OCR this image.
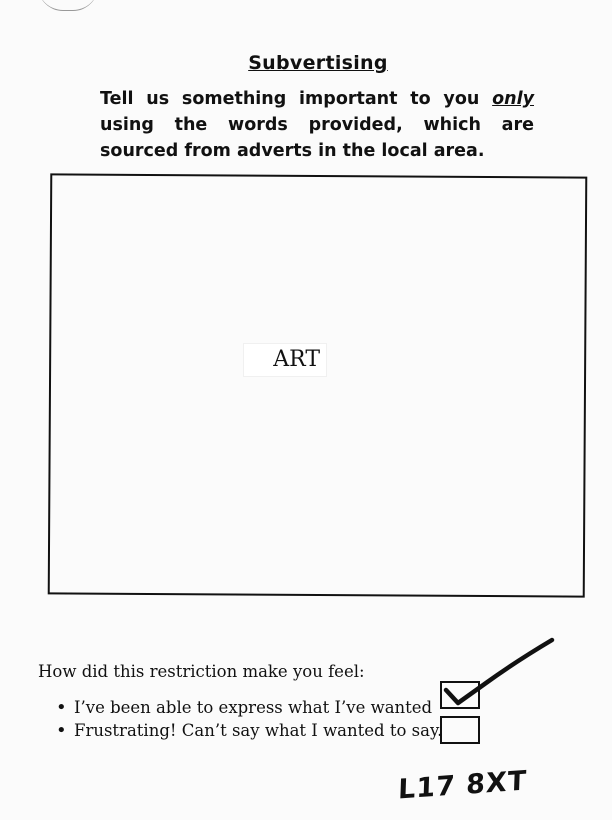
Subvertising
Tell us something important to you only using the words provided, which are sourced from adverts in the local area.
ART
How did this restriction make you feel:
• I’ve been able to express what I’ve wanted
• Frustrating! Can’t say what I wanted to say.
L17 8XT
